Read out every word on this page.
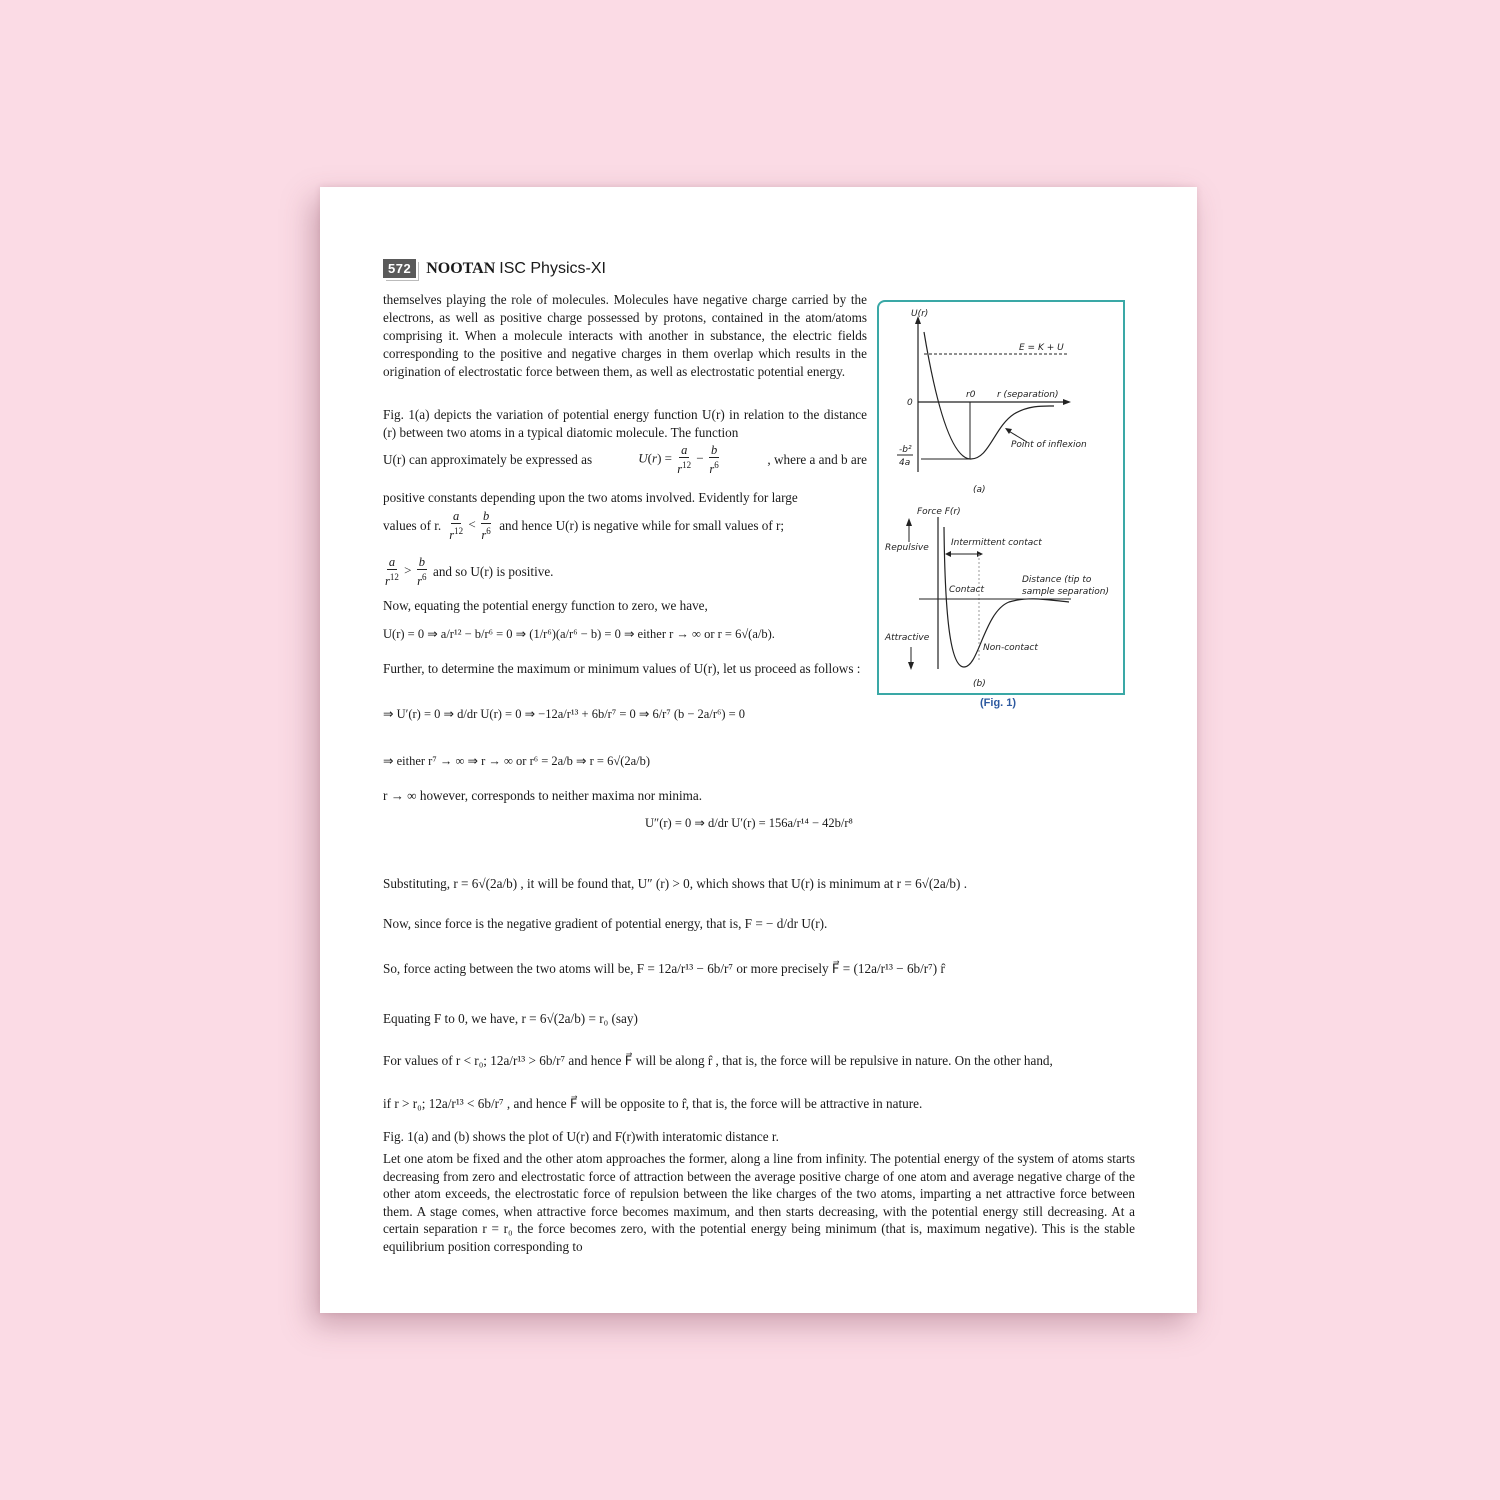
572 NOOTAN ISC Physics-XI
themselves playing the role of molecules. Molecules have negative charge carried by the electrons, as well as positive charge possessed by protons, contained in the atom/atoms comprising it. When a molecule interacts with another in substance, the electric fields corresponding to the positive and negative charges in them overlap which results in the origination of electrostatic force between them, as well as electrostatic potential energy.
Fig. 1(a) depicts the variation of potential energy function U(r) in relation to the distance (r) between two atoms in a typical diatomic molecule. The function
U(r) can approximately be expressed as	$U(r) = \frac{a}{r^{12}} - \frac{b}{r^6}$	, where a and b are
positive constants depending upon the two atoms involved. Evidently for large
values of r. $\frac{a}{r^{12}} < \frac{b}{r^6}$ and hence U(r) is negative while for small values of r;
$\frac{a}{r^{12}} > \frac{b}{r^6}$ and so U(r) is positive.
Now, equating the potential energy function to zero, we have,
U(r) = 0 ⇒ a/r¹² − b/r⁶ = 0 ⇒ (1/r⁶)(a/r⁶ − b) = 0 ⇒ either r → ∞ or r = 6√(a/b).
Further, to determine the maximum or minimum values of U(r), let us proceed as follows :
⇒ U′(r) = 0 ⇒ d/dr U(r) = 0 ⇒ −12a/r¹³ + 6b/r⁷ = 0 ⇒ 6/r⁷ (b − 2a/r⁶) = 0
⇒ either r⁷ → ∞ ⇒ r → ∞ or r⁶ = 2a/b ⇒ r = 6√(2a/b)
r → ∞ however, corresponds to neither maxima nor minima.
U″(r) = 0 ⇒ d/dr U′(r) = 156a/r¹⁴ − 42b/r⁸
Substituting, r = 6√(2a/b) , it will be found that, U″ (r) > 0, which shows that U(r) is minimum at r = 6√(2a/b) .
Now, since force is the negative gradient of potential energy, that is, F = − d/dr U(r).
So, force acting between the two atoms will be, F = 12a/r¹³ − 6b/r⁷ or more precisely F⃗ = (12a/r¹³ − 6b/r⁷) r̂
Equating F to 0, we have, r = 6√(2a/b) = r₀ (say)
For values of r < r₀; 12a/r¹³ > 6b/r⁷ and hence F⃗ will be along r̂ , that is, the force will be repulsive in nature. On the other hand,
if r > r₀; 12a/r¹³ < 6b/r⁷ , and hence F⃗ will be opposite to r̂, that is, the force will be attractive in nature.
Fig. 1(a) and (b) shows the plot of U(r) and F(r)with interatomic distance r.
Let one atom be fixed and the other atom approaches the former, along a line from infinity. The potential energy of the system of atoms starts decreasing from zero and electrostatic force of attraction between the average positive charge of one atom and average negative charge of the other atom exceeds, the electrostatic force of repulsion between the like charges of the two atoms, imparting a net attractive force between them. A stage comes, when attractive force becomes maximum, and then starts decreasing, with the potential energy still decreasing. At a certain separation r = r₀ the force becomes zero, with the potential energy being minimum (that is, maximum negative). This is the stable equilibrium position corresponding to
U(r)
E = K + U
0
r0 r (separation)
Point of inflexion
-b²
4a
(a)
Force F(r)
Repulsive Intermittent contact
Contact
Distance (tip to
sample separation)
Attractive
Non-contact
(b)
(Fig. 1)
